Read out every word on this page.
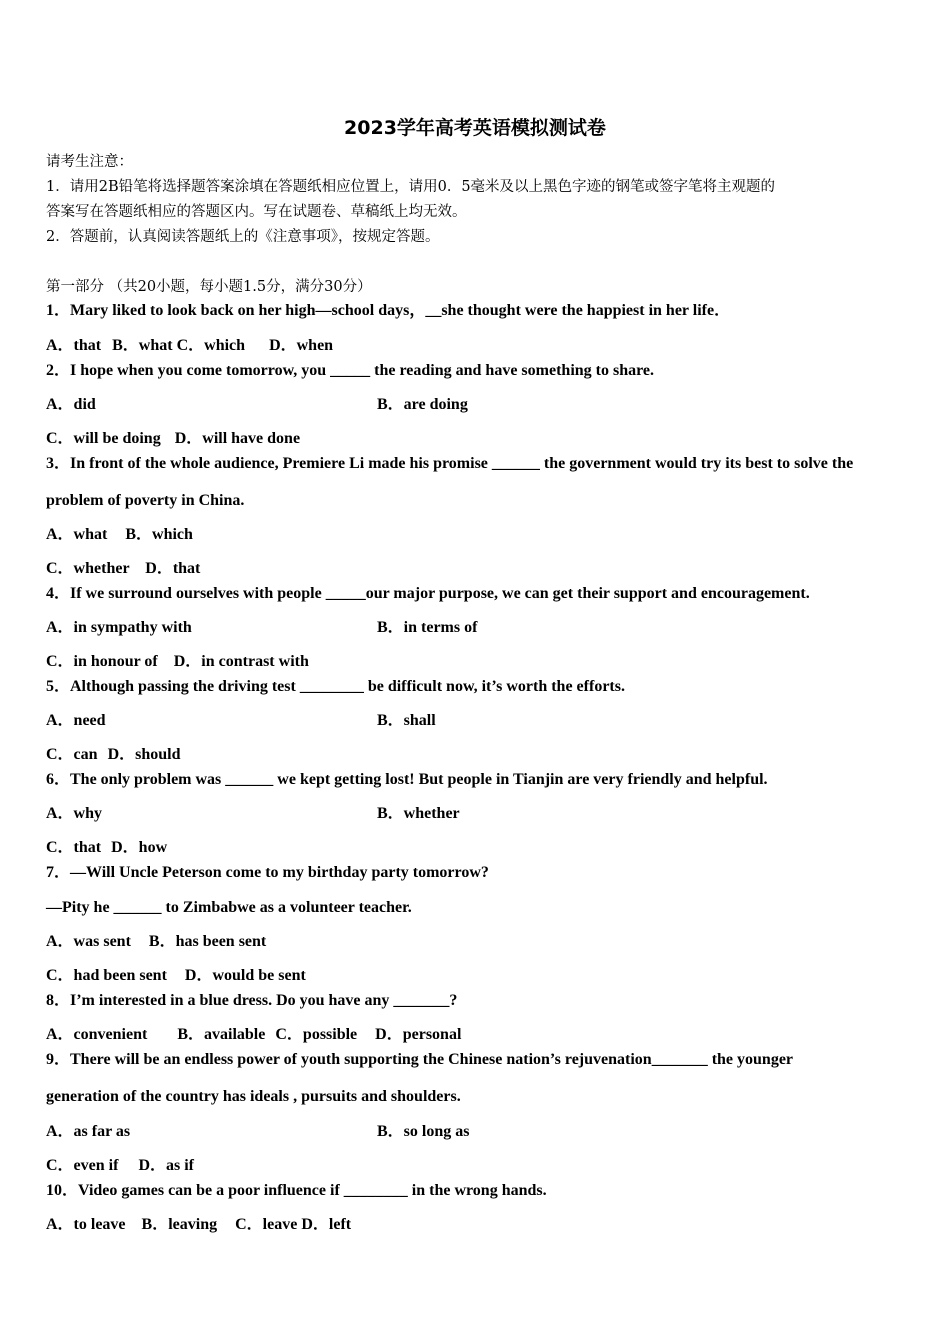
2023学年高考英语模拟测试卷
请考生注意：
1．请用2B铅笔将选择题答案涂填在答题纸相应位置上，请用0．5毫米及以上黑色字迹的钢笔或签字笔将主观题的
答案写在答题纸相应的答题区内。写在试题卷、草稿纸上均无效。
2．答题前，认真阅读答题纸上的《注意事项》，按规定答题。
第一部分 （共20小题，每小题1.5分，满分30分）
1．Mary liked to look back on her high—school days，__she thought were the happiest in her life．
A．that B．what C．which D．when
2．I hope when you come tomorrow, you _____ the reading and have something to share.
A．did	B．are doing
C．will be doing D．will have done
3．In front of the whole audience, Premiere Li made his promise ______ the government would try its best to solve the
problem of poverty in China.
A．what B．which
C．whether D．that
4．If we surround ourselves with people _____our major purpose, we can get their support and encouragement.
A．in sympathy with	B．in terms of
C．in honour of D．in contrast with
5．Although passing the driving test ________ be difficult now, it’s worth the efforts.
A．need	B．shall
C．can D．should
6．The only problem was ______ we kept getting lost! But people in Tianjin are very friendly and helpful.
A．why	B．whether
C．that D．how
7．—Will Uncle Peterson come to my birthday party tomorrow?
—Pity he ______ to Zimbabwe as a volunteer teacher.
A．was sent B．has been sent
C．had been sent D．would be sent
8．I’m interested in a blue dress. Do you have any _______?
A．convenient B．available C．possible D．personal
9．There will be an endless power of youth supporting the Chinese nation’s rejuvenation_______ the younger
generation of the country has ideals , pursuits and shoulders.
A．as far as	B．so long as
C．even if D．as if
10．Video games can be a poor influence if ________ in the wrong hands.
A．to leave B．leaving C．leave D．left
